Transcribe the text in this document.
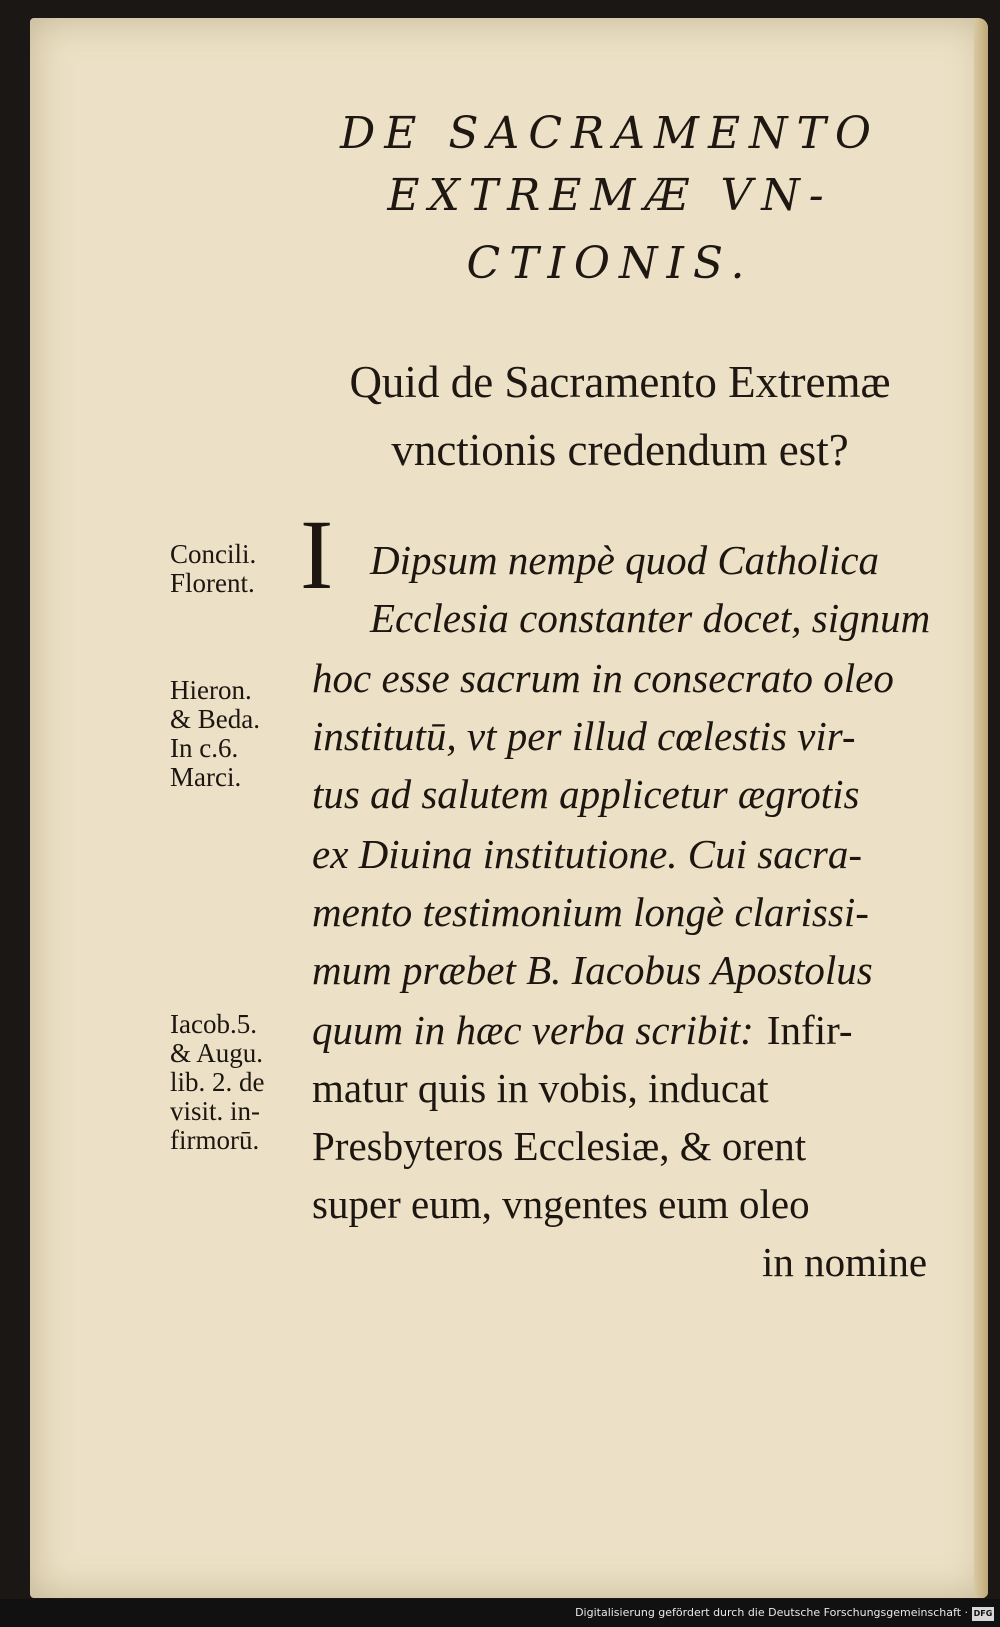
DE SACRAMENTO
EXTREMÆ VN-
CTIONIS.
Quid de Sacramento Extremæ
vnctionis credendum est?
I Dipsum nempè quod Catholica
Ecclesia constanter docet, signum
hoc esse sacrum in consecrato oleo
institutū, vt per illud cœlestis vir-
tus ad salutem applicetur ægrotis
ex Diuina institutione. Cui sacra-
mento testimonium longè clarissi-
mum præbet B. Iacobus Apostolus
quum in hæc verba scribit: Infir-
matur quis in vobis, inducat
Presbyteros Ecclesiæ, & orent
super eum, vngentes eum oleo
in nomine
Concili.
Florent.
Hieron.
& Beda.
In c.6.
Marci.
Iacob.5.
& Augu.
lib. 2. de
visit. in-
firmorū.
Digitalisierung gefördert durch die Deutsche Forschungsgemeinschaft · DFG
